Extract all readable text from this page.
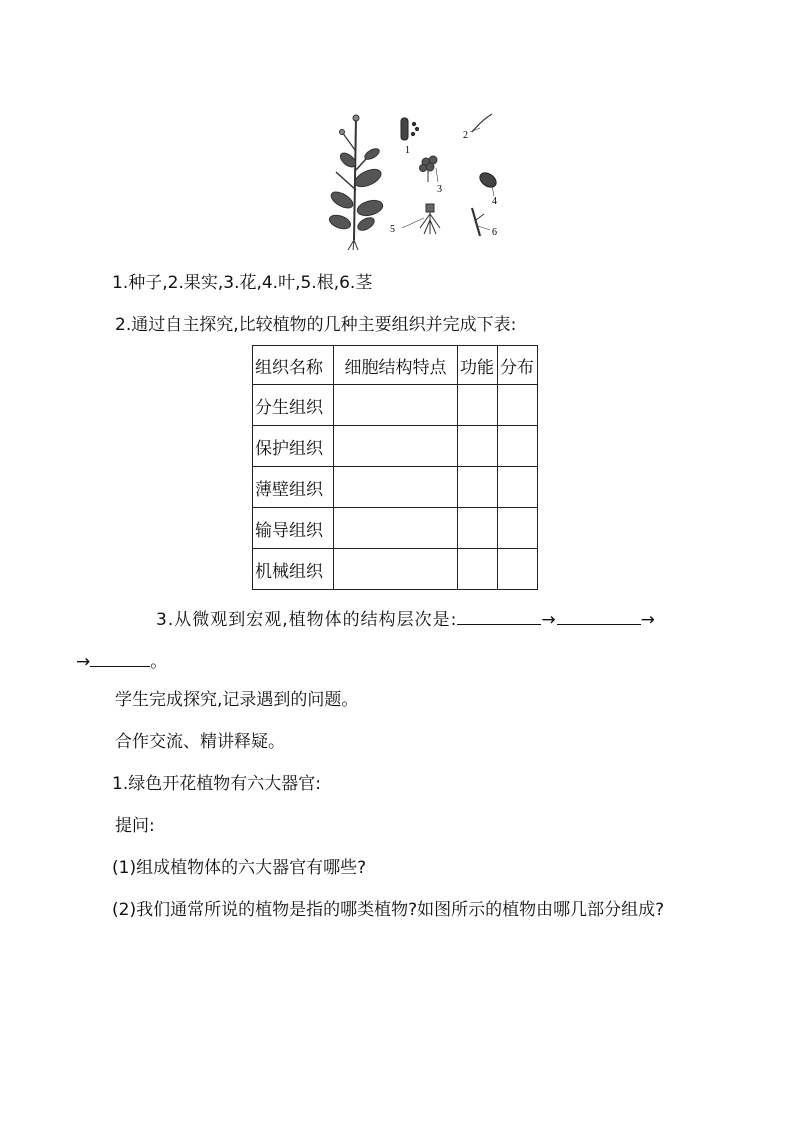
1
2
3
4
5	6
1.种子,2.果实,3.花,4.叶,5.根,6.茎
2.通过自主探究,比较植物的几种主要组织并完成下表:
组织名称	细胞结构特点	功能	分布
分生组织			
保护组织			
薄壁组织			
输导组织			
机械组织			
3.从微观到宏观,植物体的结构层次是:	→	→
→	。
学生完成探究,记录遇到的问题。
合作交流、精讲释疑。
1.绿色开花植物有六大器官:
提问:
(1)组成植物体的六大器官有哪些?
(2)我们通常所说的植物是指的哪类植物?如图所示的植物由哪几部分组成?
